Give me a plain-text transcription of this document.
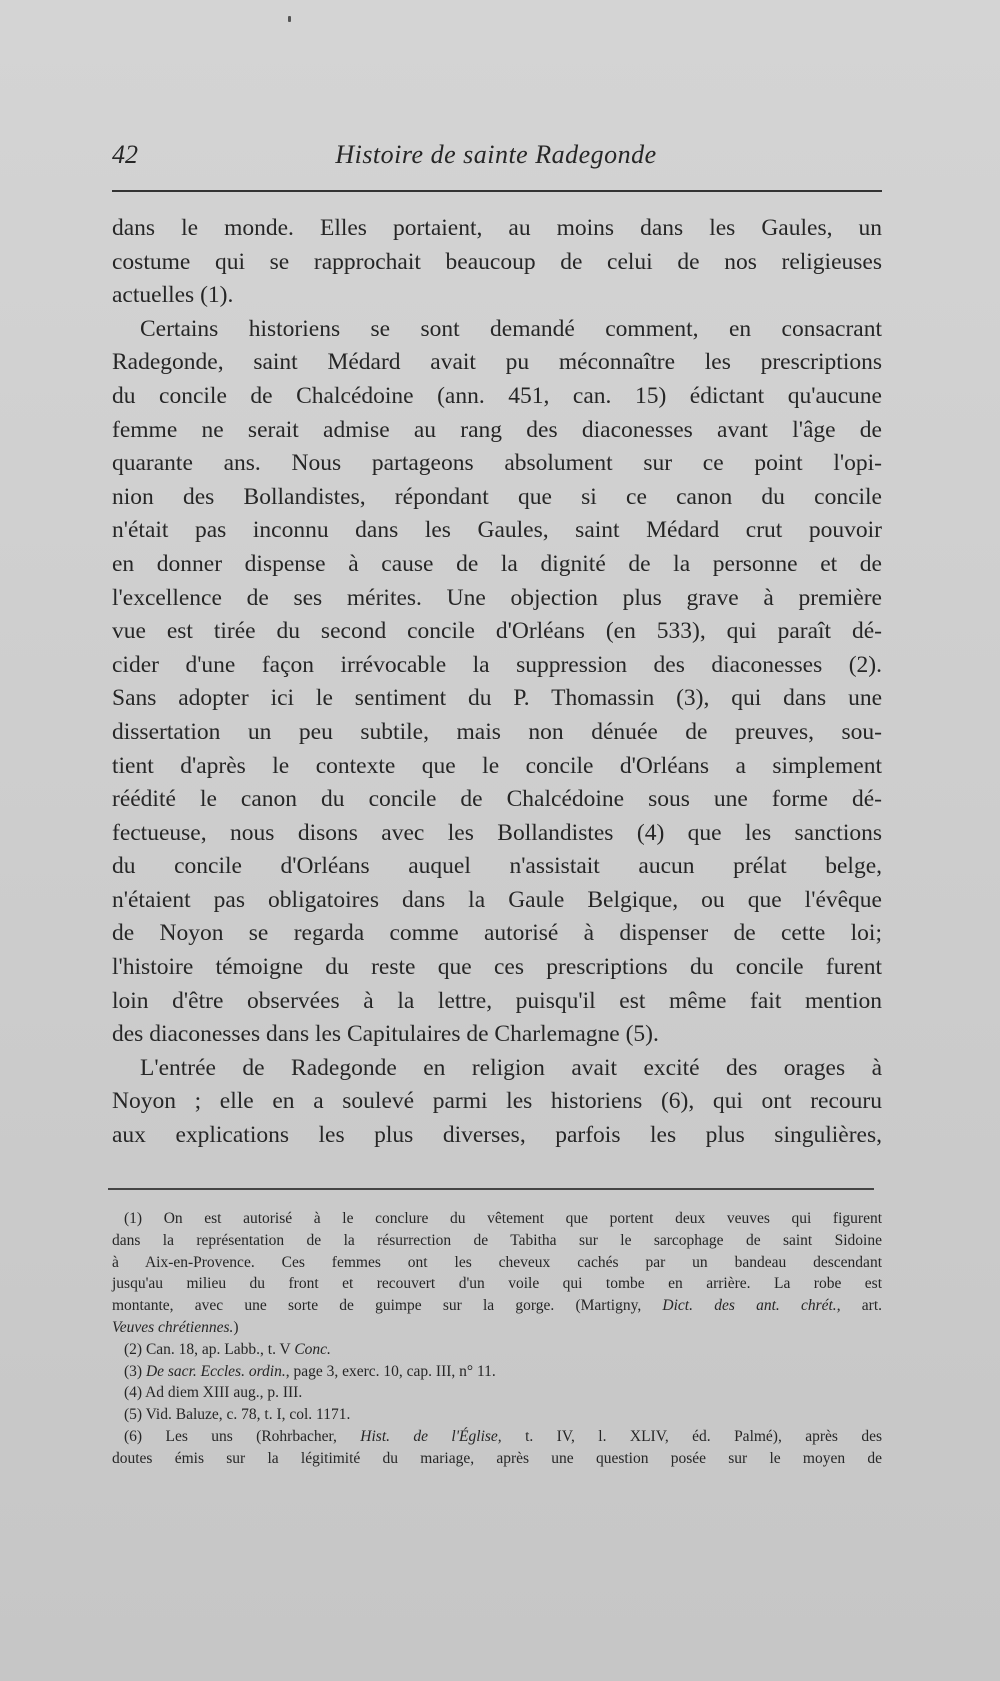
42	Histoire de sainte Radegonde
dans le monde. Elles portaient, au moins dans les Gaules, un
costume qui se rapprochait beaucoup de celui de nos religieuses
actuelles (1).
Certains historiens se sont demandé comment, en consacrant
Radegonde, saint Médard avait pu méconnaître les prescriptions
du concile de Chalcédoine (ann. 451, can. 15) édictant qu'aucune
femme ne serait admise au rang des diaconesses avant l'âge de
quarante ans. Nous partageons absolument sur ce point l'opi-
nion des Bollandistes, répondant que si ce canon du concile
n'était pas inconnu dans les Gaules, saint Médard crut pouvoir
en donner dispense à cause de la dignité de la personne et de
l'excellence de ses mérites. Une objection plus grave à première
vue est tirée du second concile d'Orléans (en 533), qui paraît dé-
cider d'une façon irrévocable la suppression des diaconesses (2).
Sans adopter ici le sentiment du P. Thomassin (3), qui dans une
dissertation un peu subtile, mais non dénuée de preuves, sou-
tient d'après le contexte que le concile d'Orléans a simplement
réédité le canon du concile de Chalcédoine sous une forme dé-
fectueuse, nous disons avec les Bollandistes (4) que les sanctions
du concile d'Orléans auquel n'assistait aucun prélat belge,
n'étaient pas obligatoires dans la Gaule Belgique, ou que l'évêque
de Noyon se regarda comme autorisé à dispenser de cette loi;
l'histoire témoigne du reste que ces prescriptions du concile furent
loin d'être observées à la lettre, puisqu'il est même fait mention
des diaconesses dans les Capitulaires de Charlemagne (5).
L'entrée de Radegonde en religion avait excité des orages à
Noyon ; elle en a soulevé parmi les historiens (6), qui ont recouru
aux explications les plus diverses, parfois les plus singulières,
(1) On est autorisé à le conclure du vêtement que portent deux veuves qui figurent
dans la représentation de la résurrection de Tabitha sur le sarcophage de saint Sidoine
à Aix-en-Provence. Ces femmes ont les cheveux cachés par un bandeau descendant
jusqu'au milieu du front et recouvert d'un voile qui tombe en arrière. La robe est
montante, avec une sorte de guimpe sur la gorge. (Martigny, Dict. des ant. chrét., art.
Veuves chrétiennes.)
(2) Can. 18, ap. Labb., t. V Conc.
(3) De sacr. Eccles. ordin., page 3, exerc. 10, cap. III, n° 11.
(4) Ad diem XIII aug., p. III.
(5) Vid. Baluze, c. 78, t. I, col. 1171.
(6) Les uns (Rohrbacher, Hist. de l'Église, t. IV, l. XLIV, éd. Palmé), après des
doutes émis sur la légitimité du mariage, après une question posée sur le moyen de
